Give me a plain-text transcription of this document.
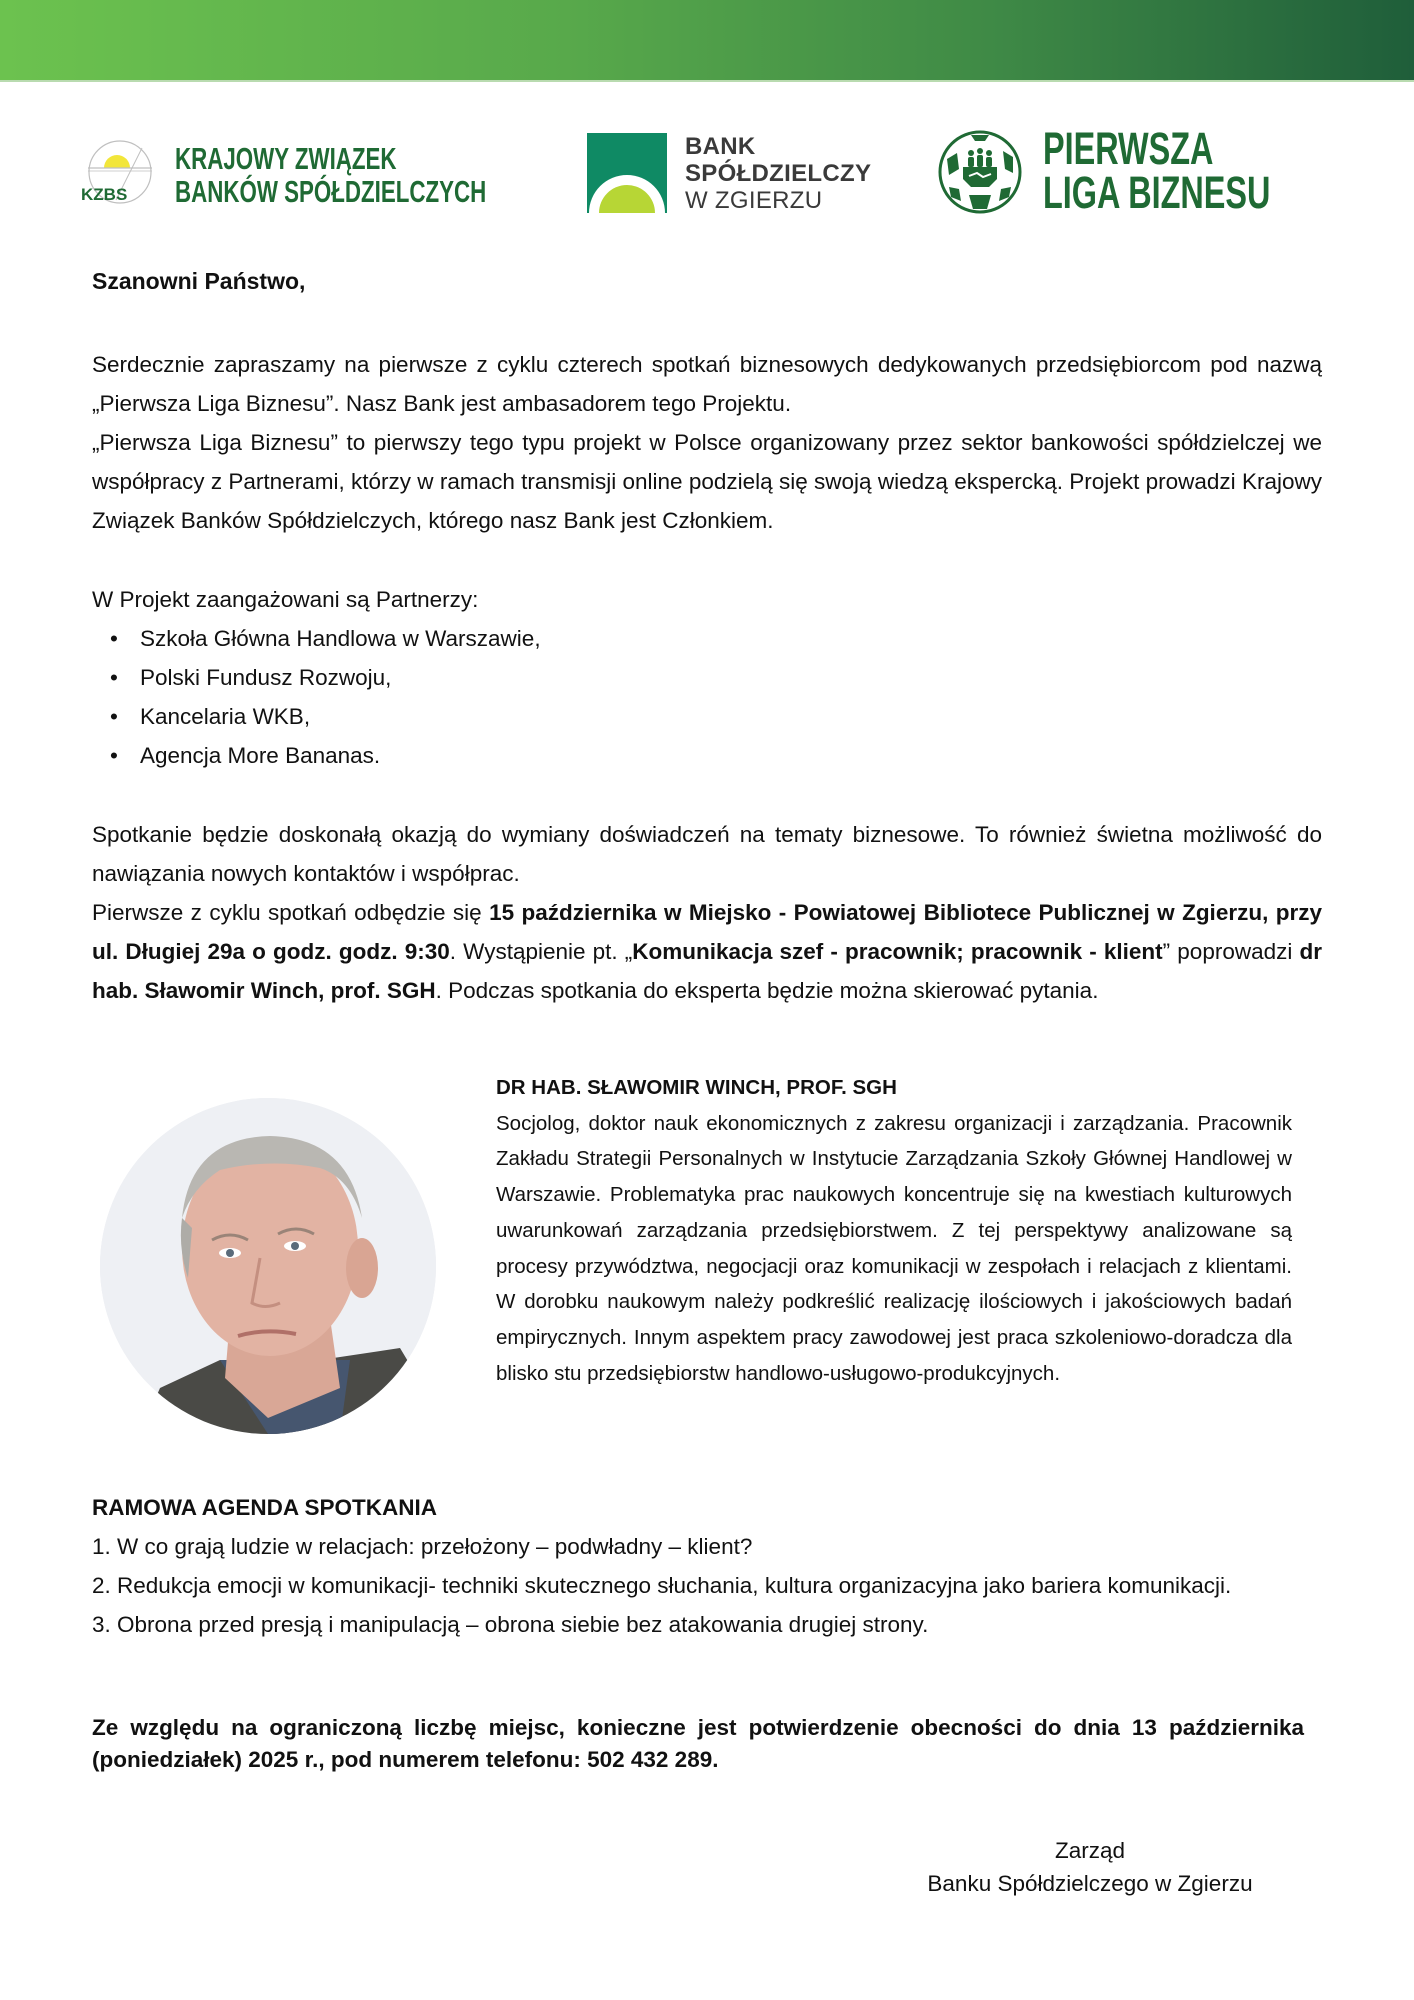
KZBS
KRAJOWY ZWIĄZEK
BANKÓW SPÓŁDZIELCZYCH
BANK
SPÓŁDZIELCZY
W ZGIERZU
PIERWSZA
LIGA BIZNESU

Szanowni Państwo,

Serdecznie zapraszamy na pierwsze z cyklu czterech spotkań biznesowych dedykowanych przedsiębiorcom pod nazwą „Pierwsza Liga Biznesu”. Nasz Bank jest ambasadorem tego Projektu.

„Pierwsza Liga Biznesu” to pierwszy tego typu projekt w Polsce organizowany przez sektor bankowości spółdzielczej we współpracy z Partnerami, którzy w ramach transmisji online podzielą się swoją wiedzą ekspercką. Projekt prowadzi Krajowy Związek Banków Spółdzielczych, którego nasz Bank jest Członkiem.

W Projekt zaangażowani są Partnerzy:

• Szkoła Główna Handlowa w Warszawie,
• Polski Fundusz Rozwoju,
• Kancelaria WKB,
• Agencja More Bananas.

Spotkanie będzie doskonałą okazją do wymiany doświadczeń na tematy biznesowe. To również świetna możliwość do nawiązania nowych kontaktów i współprac.

Pierwsze z cyklu spotkań odbędzie się 15 października w Miejsko - Powiatowej Bibliotece Publicznej w Zgierzu, przy ul. Długiej 29a o godz. godz. 9:30. Wystąpienie pt. „Komunikacja szef - pracownik; pracownik - klient” poprowadzi dr hab. Sławomir Winch, prof. SGH. Podczas spotkania do eksperta będzie można skierować pytania.

DR HAB. SŁAWOMIR WINCH, PROF. SGH

Socjolog, doktor nauk ekonomicznych z zakresu organizacji i zarządzania. Pracownik Zakładu Strategii Personalnych w Instytucie Zarządzania Szkoły Głównej Handlowej w Warszawie. Problematyka prac naukowych koncentruje się na kwestiach kulturowych uwarunkowań zarządzania przedsiębiorstwem. Z tej perspektywy analizowane są procesy przywództwa, negocjacji oraz komunikacji w zespołach i relacjach z klientami. W dorobku naukowym należy podkreślić realizację ilościowych i jakościowych badań empirycznych. Innym aspektem pracy zawodowej jest praca szkoleniowo-doradcza dla blisko stu przedsiębiorstw handlowo-usługowo-produkcyjnych.

RAMOWA AGENDA SPOTKANIA

1. W co grają ludzie w relacjach: przełożony – podwładny – klient?

2. Redukcja emocji w komunikacji- techniki skutecznego słuchania, kultura organizacyjna jako bariera komunikacji.

3. Obrona przed presją i manipulacją – obrona siebie bez atakowania drugiej strony.

Ze względu na ograniczoną liczbę miejsc, konieczne jest potwierdzenie obecności do dnia 13 października (poniedziałek) 2025 r., pod numerem telefonu: 502 432 289.

Zarząd

Banku Spółdzielczego w Zgierzu
